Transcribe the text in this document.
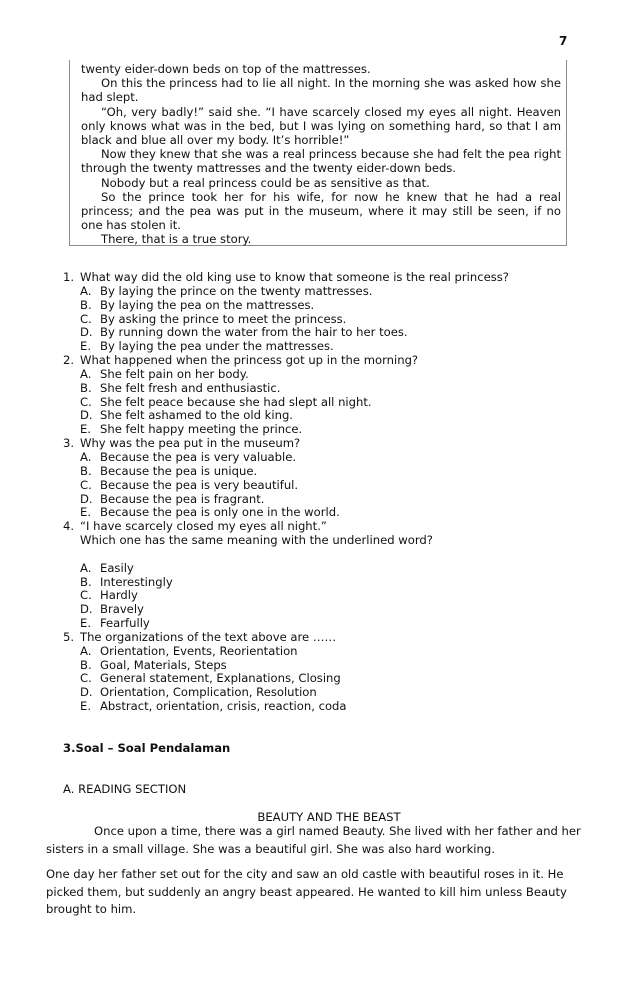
7

twenty eider-down beds on top of the mattresses.

On this the princess had to lie all night. In the morning she was asked how she had slept.

“Oh, very badly!” said she. “I have scarcely closed my eyes all night. Heaven only knows what was in the bed, but I was lying on something hard, so that I am black and blue all over my body. It’s horrible!”

Now they knew that she was a real princess because she had felt the pea right through the twenty mattresses and the twenty eider-down beds.

Nobody but a real princess could be as sensitive as that.

So the prince took her for his wife, for now he knew that he had a real princess; and the pea was put in the museum, where it may still be seen, if no one has stolen it.

There, that is a true story.

1. What way did the old king use to know that someone is the real princess?
A. By laying the prince on the twenty mattresses.
B. By laying the pea on the mattresses.
C. By asking the prince to meet the princess.
D. By running down the water from the hair to her toes.
E. By laying the pea under the mattresses.
2. What happened when the princess got up in the morning?
A. She felt pain on her body.
B. She felt fresh and enthusiastic.
C. She felt peace because she had slept all night.
D. She felt ashamed to the old king.
E. She felt happy meeting the prince.
3. Why was the pea put in the museum?
A. Because the pea is very valuable.
B. Because the pea is unique.
C. Because the pea is very beautiful.
D. Because the pea is fragrant.
E. Because the pea is only one in the world.
4. “I have scarcely closed my eyes all night.”
Which one has the same meaning with the underlined word?
A. Easily
B. Interestingly
C. Hardly
D. Bravely
E. Fearfully
5. The organizations of the text above are ……
A. Orientation, Events, Reorientation
B. Goal, Materials, Steps
C. General statement, Explanations, Closing
D. Orientation, Complication, Resolution
E. Abstract, orientation, crisis, reaction, coda
3.Soal – Soal Pendalaman
A. READING SECTION
BEAUTY AND THE BEAST

Once upon a time, there was a girl named Beauty. She lived with her father and her sisters in a small village. She was a beautiful girl. She was also hard working.

One day her father set out for the city and saw an old castle with beautiful roses in it. He picked them, but suddenly an angry beast appeared. He wanted to kill him unless Beauty brought to him.
